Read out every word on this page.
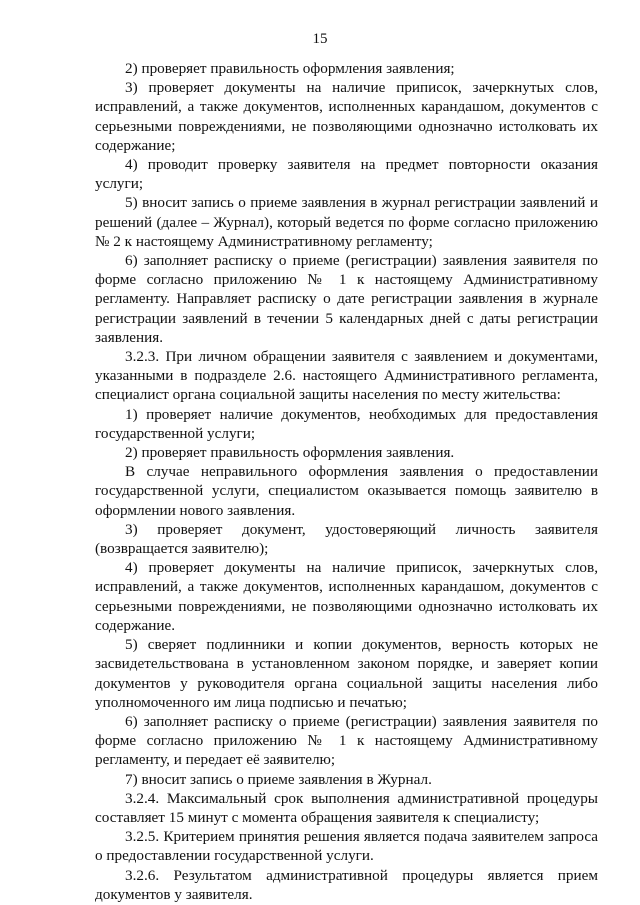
15

2) проверяет правильность оформления заявления;

3) проверяет документы на наличие приписок, зачеркнутых слов, исправлений, а также документов, исполненных карандашом, документов с серьезными повреждениями, не позволяющими однозначно истолковать их содержание;

4) проводит проверку заявителя на предмет повторности оказания услуги;

5) вносит запись о приеме заявления в журнал регистрации заявлений и решений (далее – Журнал), который ведется по форме согласно приложению № 2 к настоящему Административному регламенту;

6) заполняет расписку о приеме (регистрации) заявления заявителя по форме согласно приложению № 1 к настоящему Административному регламенту. Направляет расписку о дате регистрации заявления в журнале регистрации заявлений в течении 5 календарных дней с даты регистрации заявления.

3.2.3. При личном обращении заявителя с заявлением и документами, указанными в подразделе 2.6. настоящего Административного регламента, специалист органа социальной защиты населения по месту жительства:

1) проверяет наличие документов, необходимых для предоставления государственной услуги;

2) проверяет правильность оформления заявления.

В случае неправильного оформления заявления о предоставлении государственной услуги, специалистом оказывается помощь заявителю в оформлении нового заявления.

3) проверяет документ, удостоверяющий личность заявителя (возвращается заявителю);

4) проверяет документы на наличие приписок, зачеркнутых слов, исправлений, а также документов, исполненных карандашом, документов с серьезными повреждениями, не позволяющими однозначно истолковать их содержание.

5) сверяет подлинники и копии документов, верность которых не засвидетельствована в установленном законом порядке, и заверяет копии документов у руководителя органа социальной защиты населения либо уполномоченного им лица подписью и печатью;

6) заполняет расписку о приеме (регистрации) заявления заявителя по форме согласно приложению № 1 к настоящему Административному регламенту, и передает её заявителю;

7) вносит запись о приеме заявления в Журнал.

3.2.4. Максимальный срок выполнения административной процедуры составляет 15 минут с момента обращения заявителя к специалисту;

3.2.5. Критерием принятия решения является подача заявителем запроса о предоставлении государственной услуги.

3.2.6. Результатом административной процедуры является прием документов у заявителя.
